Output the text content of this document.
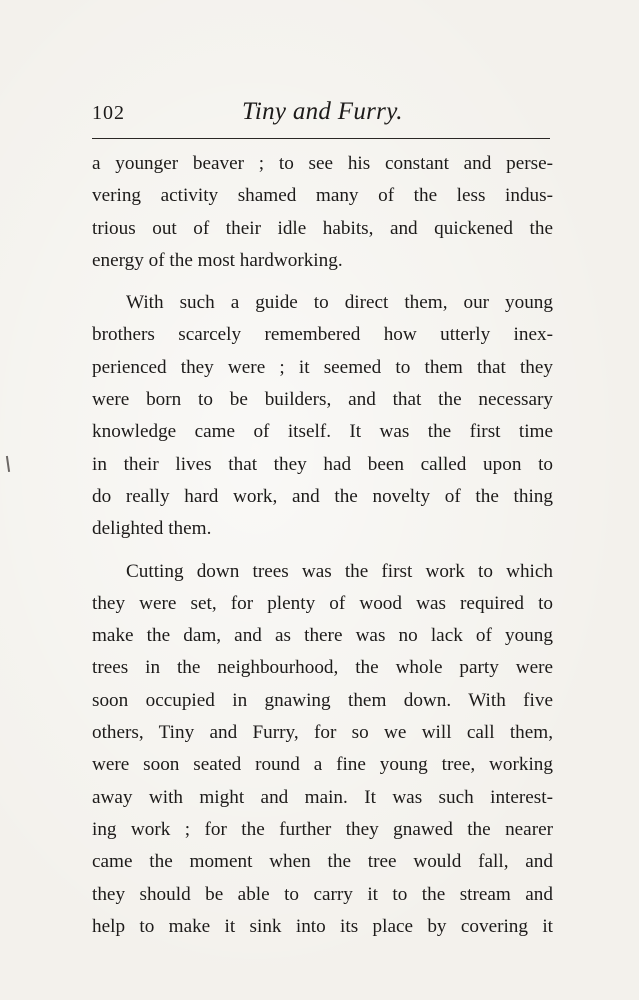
102	Tiny and Furry.
a younger beaver ; to see his constant and perse-
vering activity shamed many of the less indus-
trious out of their idle habits, and quickened the
energy of the most hardworking.
With such a guide to direct them, our young
brothers scarcely remembered how utterly inex-
perienced they were ; it seemed to them that they
were born to be builders, and that the necessary
knowledge came of itself. It was the first time
in their lives that they had been called upon to
do really hard work, and the novelty of the thing
delighted them.
Cutting down trees was the first work to which
they were set, for plenty of wood was required to
make the dam, and as there was no lack of young
trees in the neighbourhood, the whole party were
soon occupied in gnawing them down. With five
others, Tiny and Furry, for so we will call them,
were soon seated round a fine young tree, working
away with might and main. It was such interest-
ing work ; for the further they gnawed the nearer
came the moment when the tree would fall, and
they should be able to carry it to the stream and
help to make it sink into its place by covering it
